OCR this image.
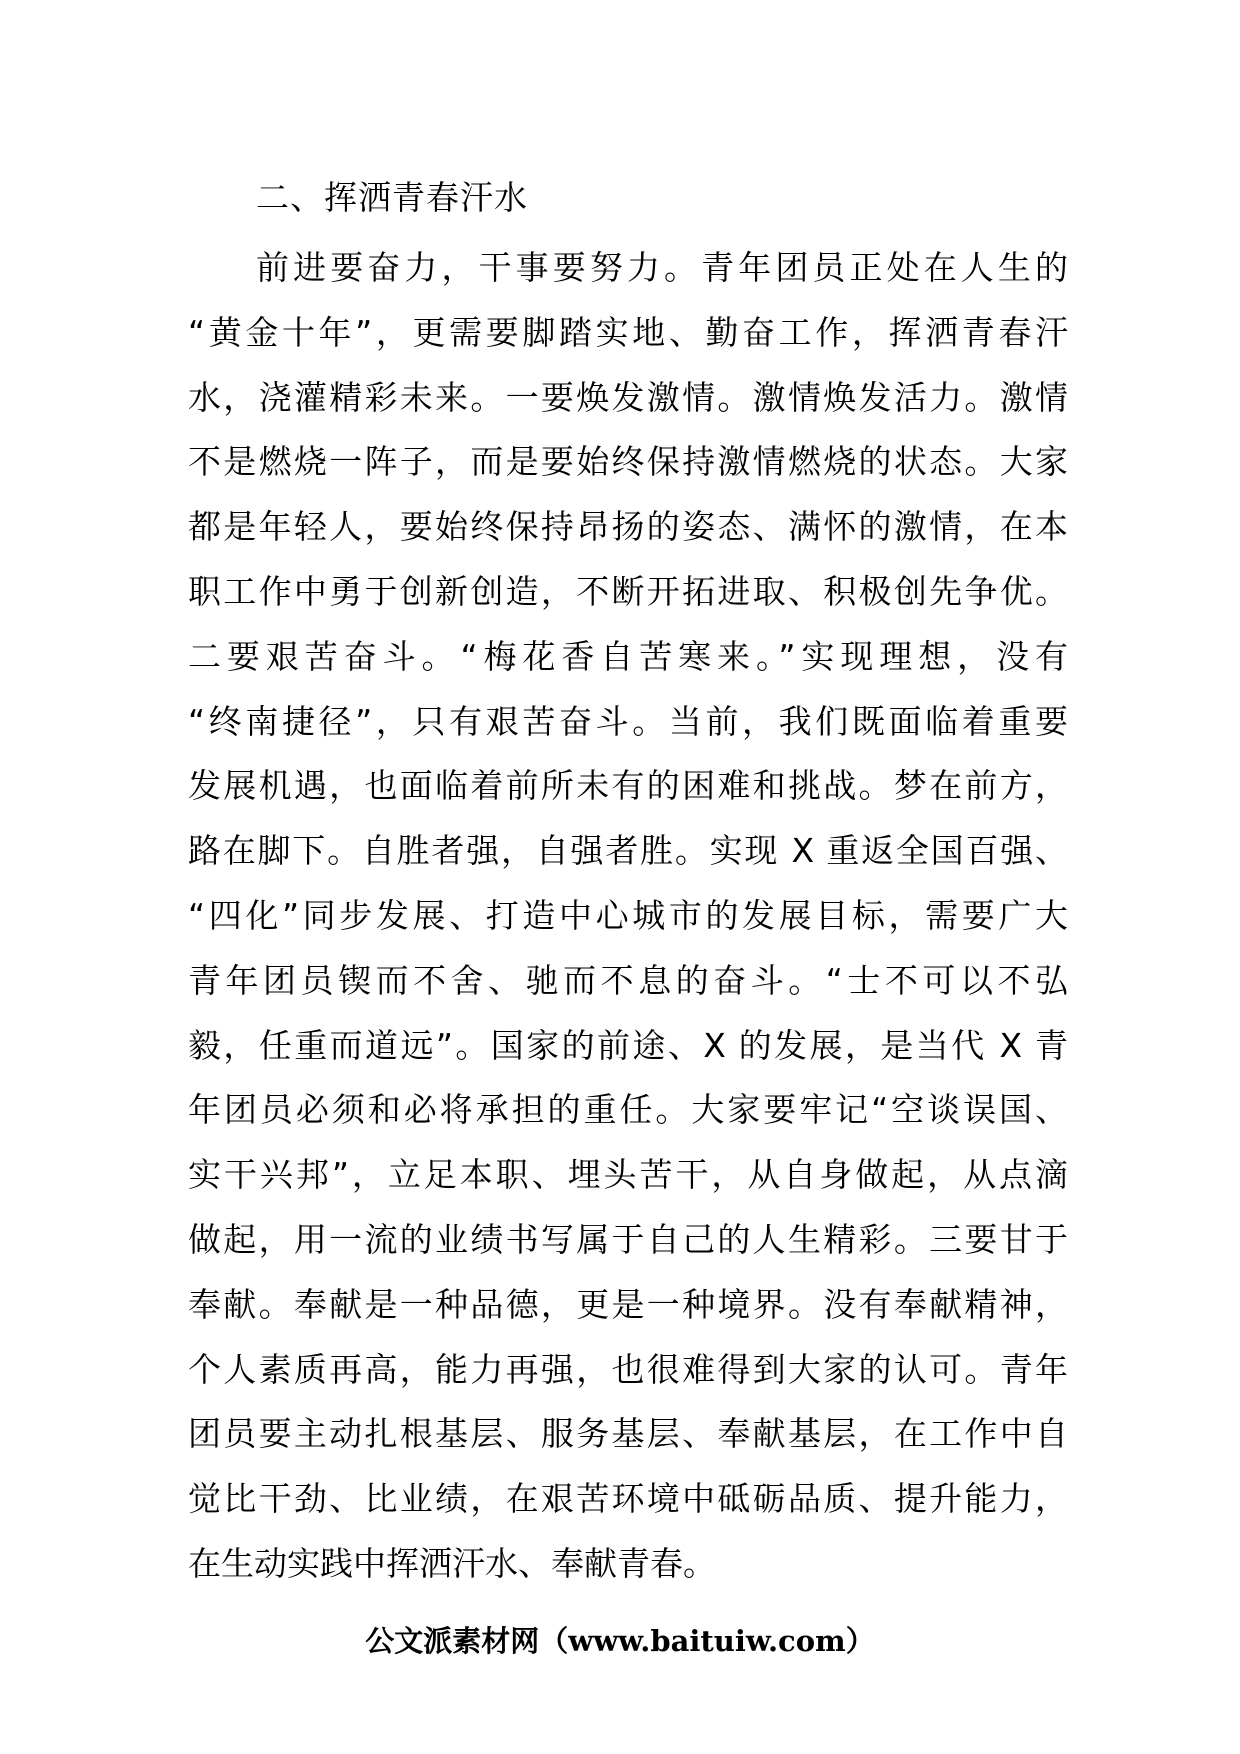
二、挥洒青春汗水
前进要奋力，干事要努力。青年团员正处在人生的
“黄金十年”，更需要脚踏实地、勤奋工作，挥洒青春汗
水，浇灌精彩未来。一要焕发激情。激情焕发活力。激情
不是燃烧一阵子，而是要始终保持激情燃烧的状态。大家
都是年轻人，要始终保持昂扬的姿态、满怀的激情，在本
职工作中勇于创新创造，不断开拓进取、积极创先争优。
二要艰苦奋斗。“梅花香自苦寒来。”实现理想，没有
“终南捷径”，只有艰苦奋斗。当前，我们既面临着重要
发展机遇，也面临着前所未有的困难和挑战。梦在前方，
路在脚下。自胜者强，自强者胜。实现 X 重返全国百强、
“四化”同步发展、打造中心城市的发展目标，需要广大
青年团员锲而不舍、驰而不息的奋斗。“士不可以不弘
毅，任重而道远”。国家的前途、X 的发展，是当代 X 青
年团员必须和必将承担的重任。大家要牢记“空谈误国、
实干兴邦”，立足本职、埋头苦干，从自身做起，从点滴
做起，用一流的业绩书写属于自己的人生精彩。三要甘于
奉献。奉献是一种品德，更是一种境界。没有奉献精神，
个人素质再高，能力再强，也很难得到大家的认可。青年
团员要主动扎根基层、服务基层、奉献基层，在工作中自
觉比干劲、比业绩，在艰苦环境中砥砺品质、提升能力，
在生动实践中挥洒汗水、奉献青春。
公文派素材网（www.baituiw.com）
